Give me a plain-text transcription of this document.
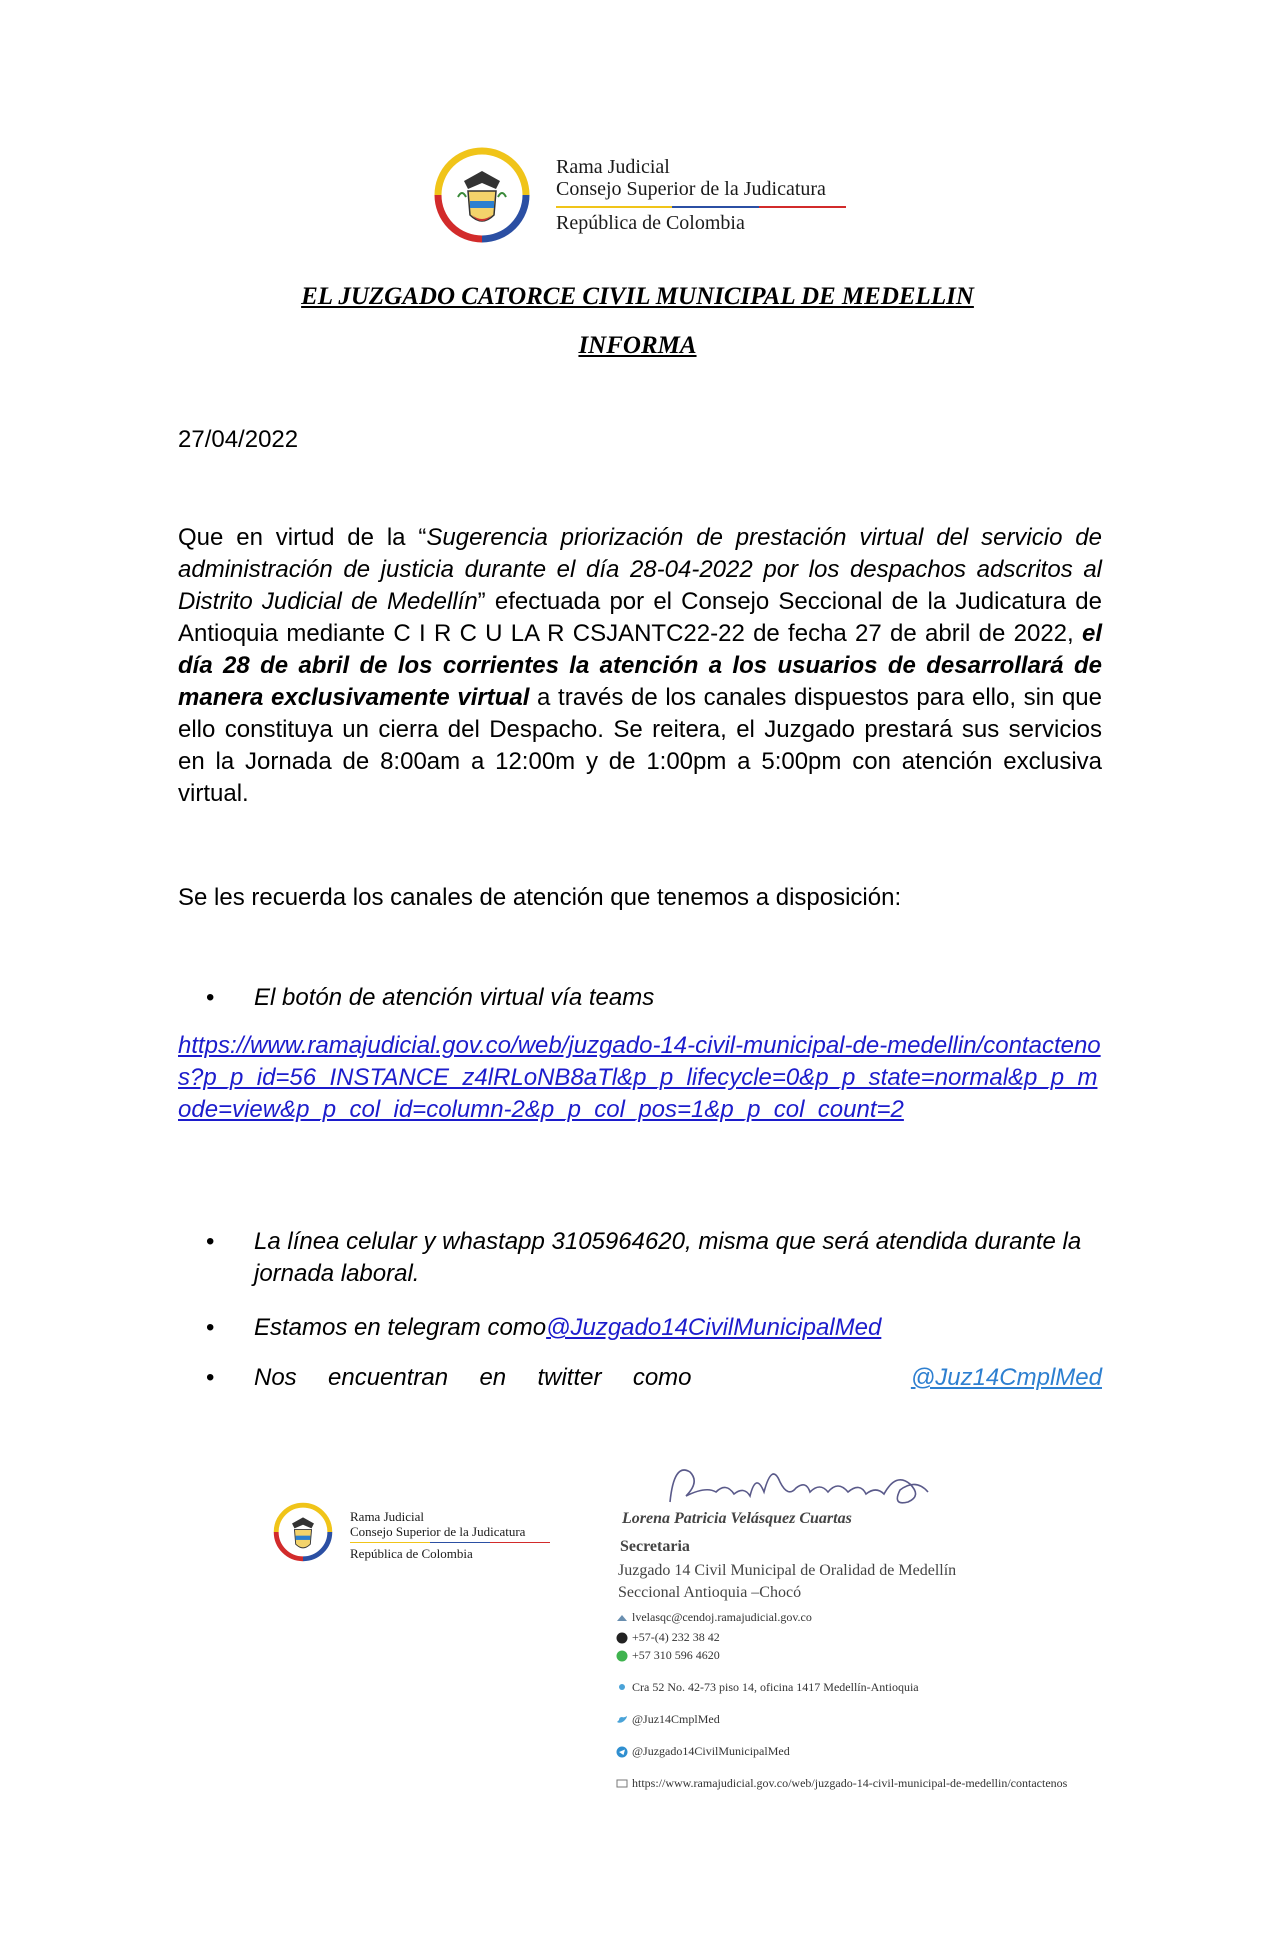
Rama Judicial
Consejo Superior de la Judicatura
República de Colombia
EL JUZGADO CATORCE CIVIL MUNICIPAL DE MEDELLIN
INFORMA
27/04/2022
Que en virtud de la “Sugerencia priorización de prestación virtual del servicio de administración de justicia durante el día 28-04-2022 por los despachos adscritos al Distrito Judicial de Medellín” efectuada por el Consejo Seccional de la Judicatura de Antioquia mediante C I R C U LA R CSJANTC22-22 de fecha 27 de abril de 2022, el día 28 de abril de los corrientes la atención a los usuarios de desarrollará de manera exclusivamente virtual a través de los canales dispuestos para ello, sin que ello constituya un cierra del Despacho. Se reitera, el Juzgado prestará sus servicios en la Jornada de 8:00am a 12:00m y de 1:00pm a 5:00pm con atención exclusiva virtual.
Se les recuerda los canales de atención que tenemos a disposición:
•	El botón de atención virtual vía teams
https://www.ramajudicial.gov.co/web/juzgado-14-civil-municipal-de-medellin/contactenos?p_p_id=56_INSTANCE_z4lRLoNB8aTl&p_p_lifecycle=0&p_p_state=normal&p_p_mode=view&p_p_col_id=column-2&p_p_col_pos=1&p_p_col_count=2
•	La línea celular y whastapp 3105964620, misma que será atendida durante la jornada laboral.
•	Estamos en telegram como@Juzgado14CivilMunicipalMed
•	Nos encuentran en twitter como	@Juz14CmplMed
Rama Judicial
Consejo Superior de la Judicatura
República de Colombia
Lorena Patricia Velásquez Cuartas
Secretaria
Juzgado 14 Civil Municipal de Oralidad de Medellín
Seccional Antioquia –Chocó
lvelasqc@cendoj.ramajudicial.gov.co
+57-(4) 232 38 42
+57 310 596 4620
Cra 52 No. 42-73 piso 14, oficina 1417 Medellín-Antioquia
@Juz14CmplMed
@Juzgado14CivilMunicipalMed
https://www.ramajudicial.gov.co/web/juzgado-14-civil-municipal-de-medellin/contactenos
